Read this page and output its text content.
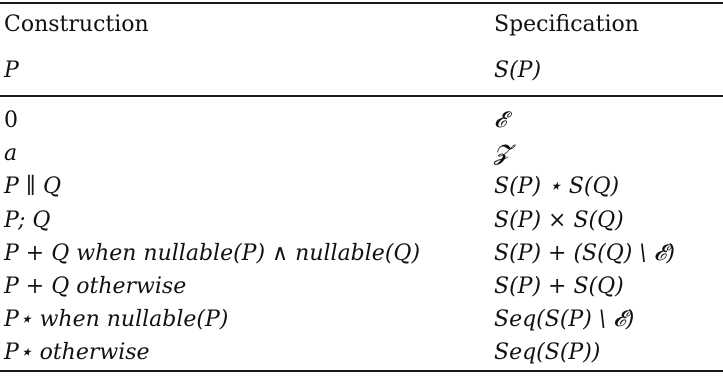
Construction	Specification
P	S(P)
0	𝓔
a	𝓩
P ∥ Q	S(P) ⋆ S(Q)
P; Q	S(P) × S(Q)
P + Q when nullable(P) ∧ nullable(Q)	S(P) + (S(Q) \ 𝓔)
P + Q otherwise	S(P) + S(Q)
P⋆ when nullable(P)	Seq(S(P) \ 𝓔)
P⋆ otherwise	Seq(S(P))
